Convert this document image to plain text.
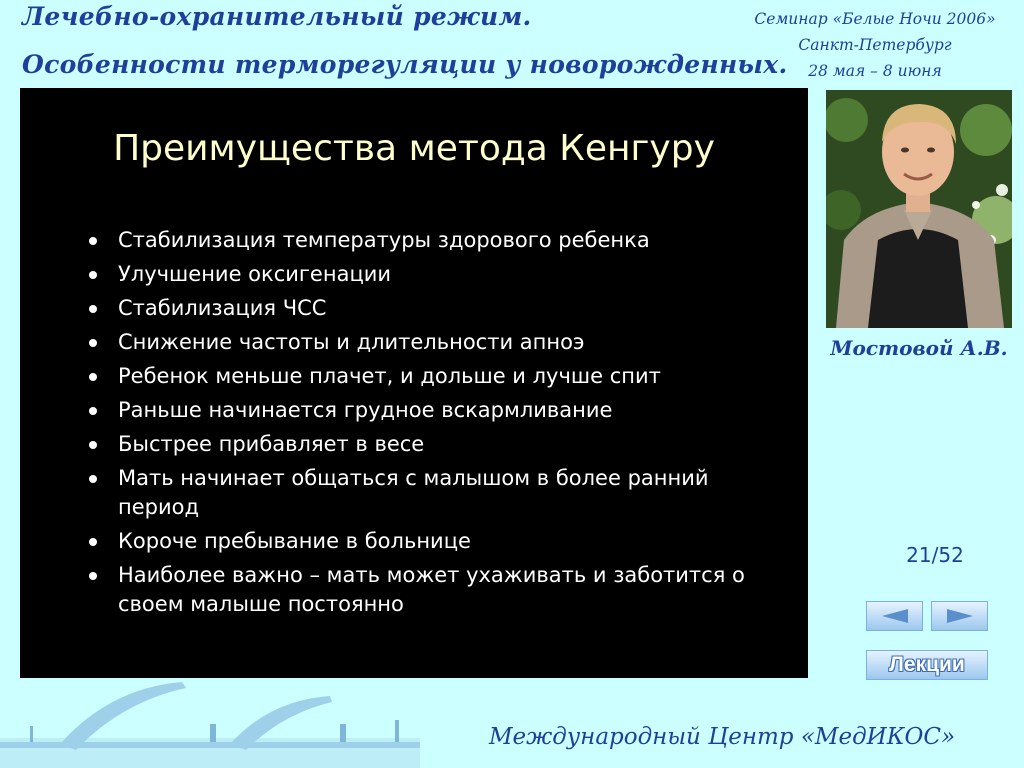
Лечебно-охранительный режим.
Особенности терморегуляции у новорожденных.
Семинар «Белые Ночи 2006»
Санкт-Петербург
28 мая – 8 июня
Преимущества метода Кенгуру
Стабилизация температуры здорового ребенка
Улучшение оксигенации
Стабилизация ЧСС
Снижение частоты и длительности апноэ
Ребенок меньше плачет, и дольше и лучше спит
Раньше начинается грудное вскармливание
Быстрее прибавляет в весе
Мать начинает общаться с малышом в более ранний период
Короче пребывание в больнице
Наиболее важно – мать может ухаживать и заботится о своем малыше постоянно
Мостовой А.В.
21/52
Лекции
Международный Центр «МедИКОС»
